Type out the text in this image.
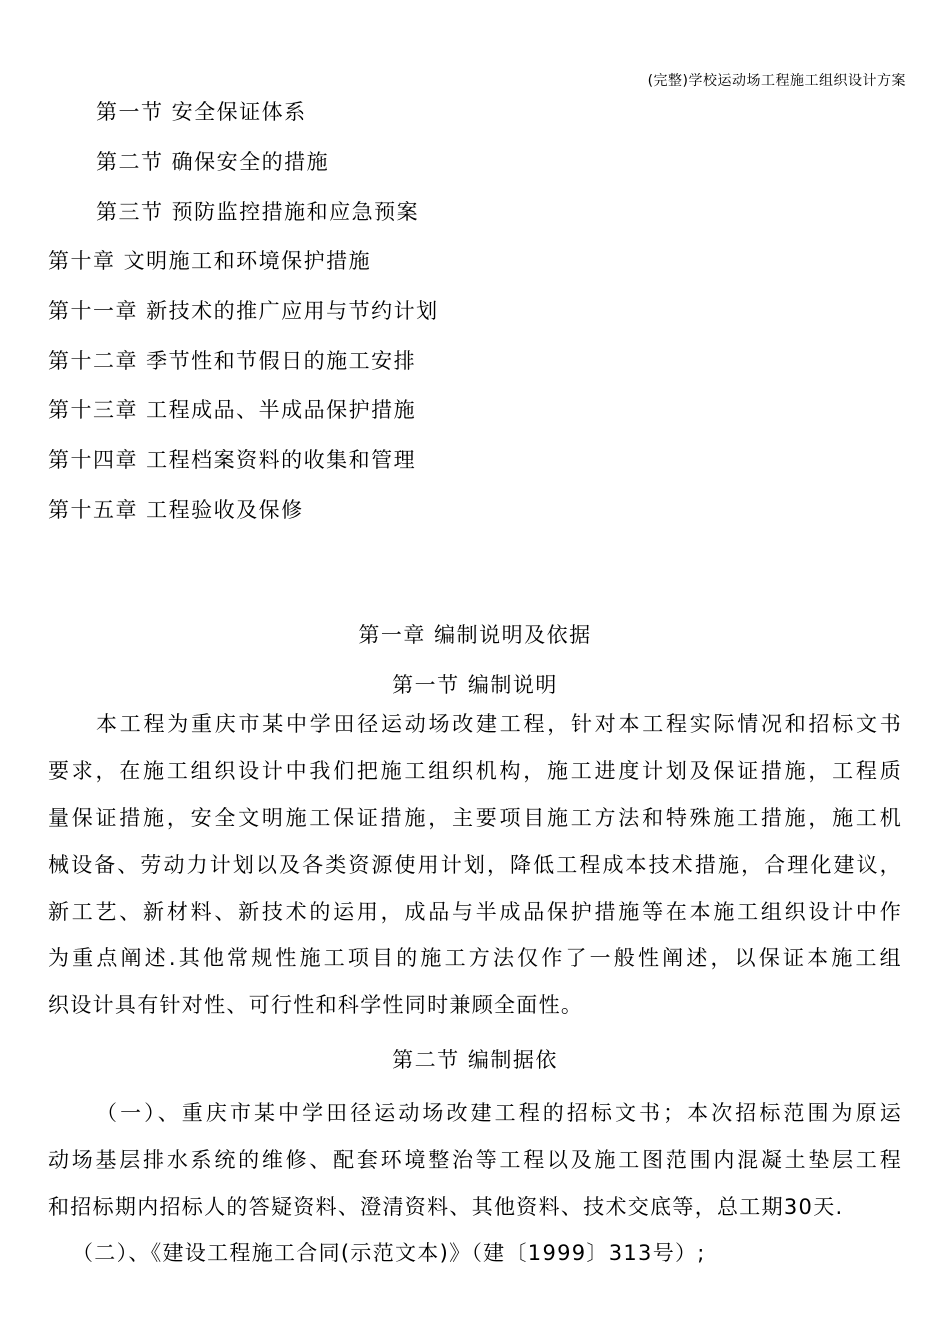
(完整)学校运动场工程施工组织设计方案
第一节 安全保证体系
第二节 确保安全的措施
第三节 预防监控措施和应急预案
第十章 文明施工和环境保护措施
第十一章 新技术的推广应用与节约计划
第十二章 季节性和节假日的施工安排
第十三章 工程成品、半成品保护措施
第十四章 工程档案资料的收集和管理
第十五章 工程验收及保修
第一章 编制说明及依据
第一节 编制说明
本工程为重庆市某中学田径运动场改建工程，针对本工程实际情况和招标文书
要求，在施工组织设计中我们把施工组织机构，施工进度计划及保证措施，工程质
量保证措施，安全文明施工保证措施，主要项目施工方法和特殊施工措施，施工机
械设备、劳动力计划以及各类资源使用计划，降低工程成本技术措施，合理化建议，
新工艺、新材料、新技术的运用，成品与半成品保护措施等在本施工组织设计中作
为重点阐述.其他常规性施工项目的施工方法仅作了一般性阐述，以保证本施工组
织设计具有针对性、可行性和科学性同时兼顾全面性。
第二节 编制据依
（一）、重庆市某中学田径运动场改建工程的招标文书；本次招标范围为原运
动场基层排水系统的维修、配套环境整治等工程以及施工图范围内混凝土垫层工程
和招标期内招标人的答疑资料、澄清资料、其他资料、技术交底等，总工期30天.
（二）、《建设工程施工合同(示范文本)》（建〔1999〕313号）;
